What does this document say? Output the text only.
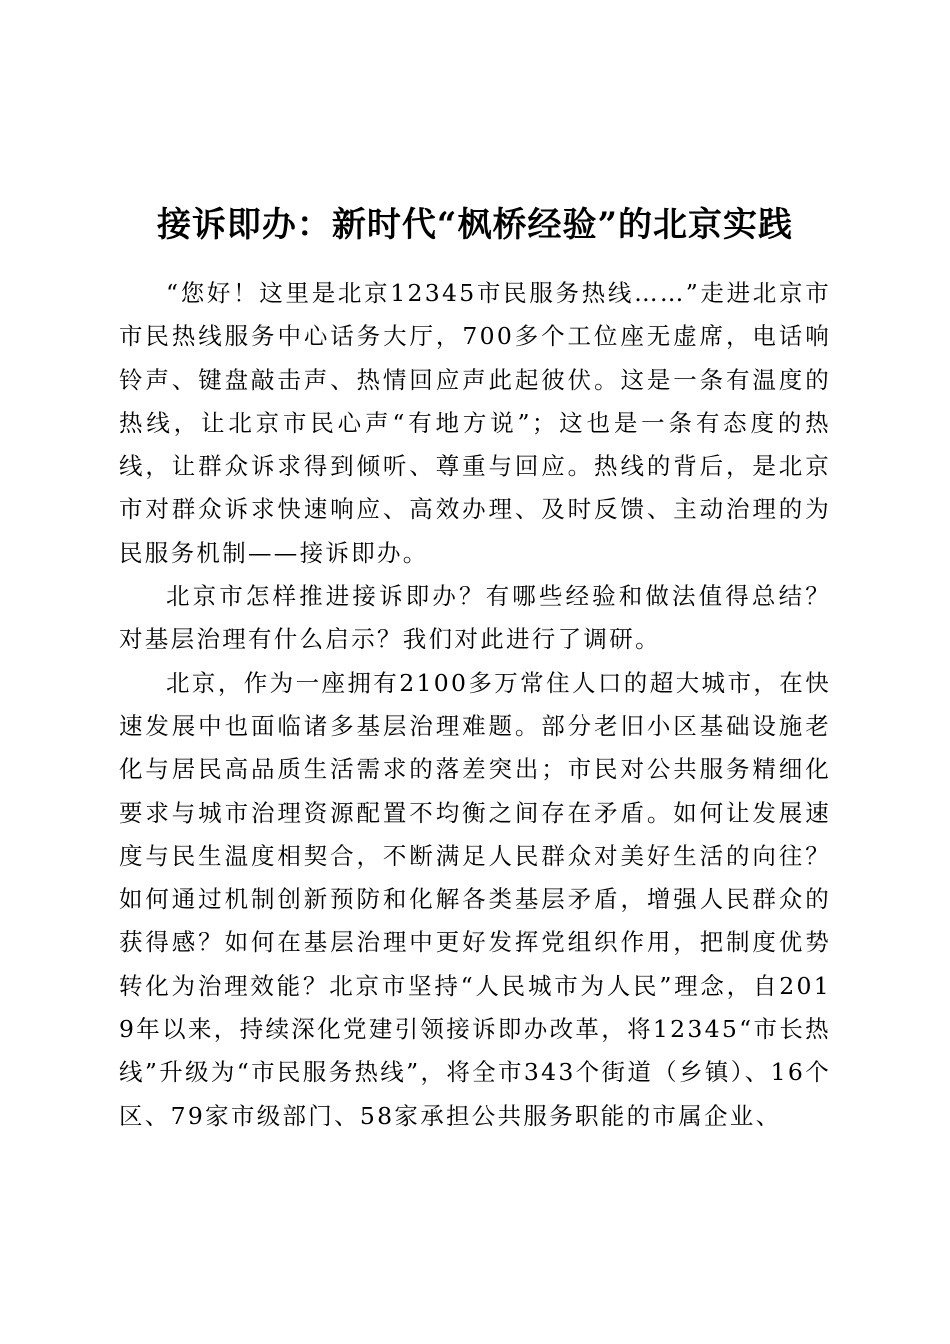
接诉即办：新时代“枫桥经验”的北京实践

“您好！这里是北京12345市民服务热线……”走进北京市市民热线服务中心话务大厅，700多个工位座无虚席，电话响铃声、键盘敲击声、热情回应声此起彼伏。这是一条有温度的热线，让北京市民心声“有地方说”；这也是一条有态度的热线，让群众诉求得到倾听、尊重与回应。热线的背后，是北京市对群众诉求快速响应、高效办理、及时反馈、主动治理的为民服务机制——接诉即办。

北京市怎样推进接诉即办？有哪些经验和做法值得总结？对基层治理有什么启示？我们对此进行了调研。

北京，作为一座拥有2100多万常住人口的超大城市，在快速发展中也面临诸多基层治理难题。部分老旧小区基础设施老化与居民高品质生活需求的落差突出；市民对公共服务精细化要求与城市治理资源配置不均衡之间存在矛盾。如何让发展速度与民生温度相契合，不断满足人民群众对美好生活的向往？如何通过机制创新预防和化解各类基层矛盾，增强人民群众的获得感？如何在基层治理中更好发挥党组织作用，把制度优势转化为治理效能？北京市坚持“人民城市为人民”理念，自2019年以来，持续深化党建引领接诉即办改革，将12345“市长热线”升级为“市民服务热线”，将全市343个街道（乡镇）、16个区、79家市级部门、58家承担公共服务职能的市属企业、
